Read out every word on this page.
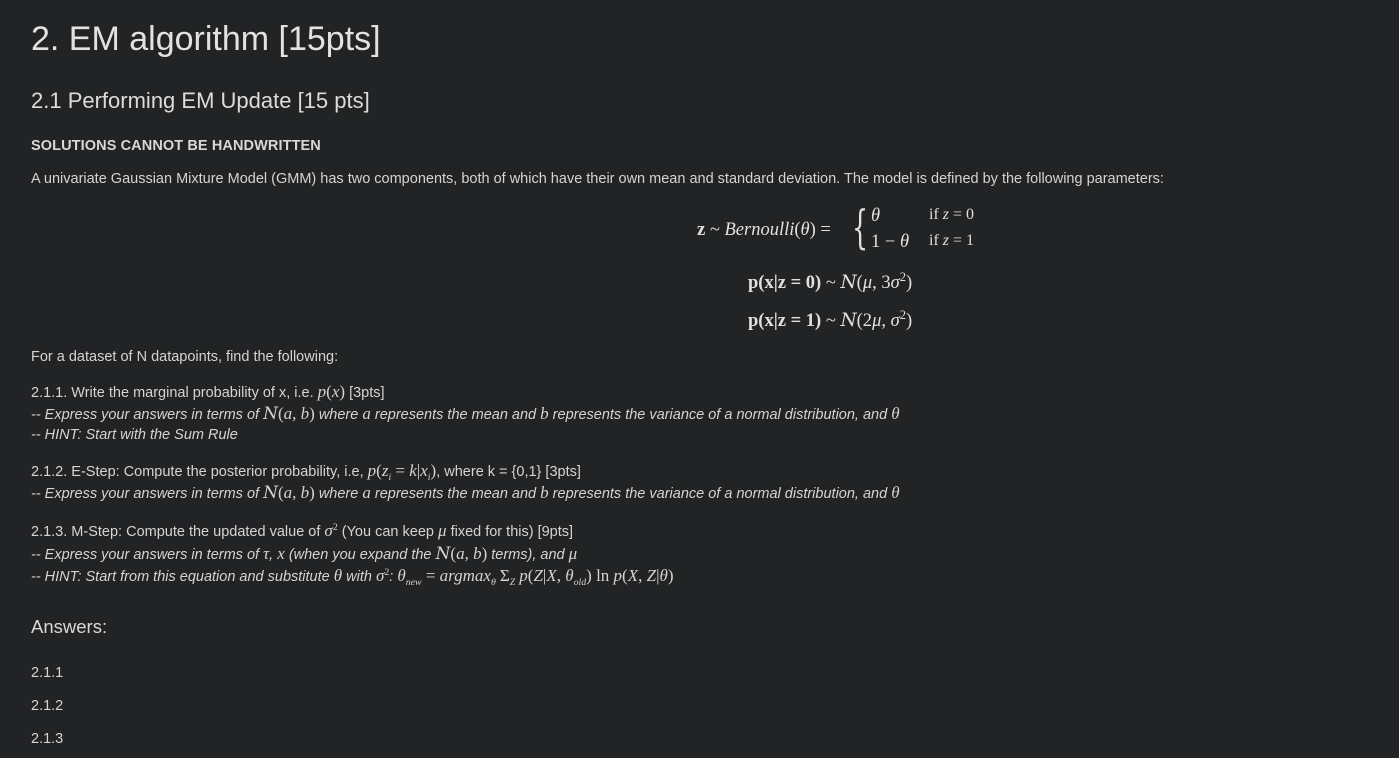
2. EM algorithm [15pts]
2.1 Performing EM Update [15 pts]
SOLUTIONS CANNOT BE HANDWRITTEN
A univariate Gaussian Mixture Model (GMM) has two components, both of which have their own mean and standard deviation. The model is defined by the following parameters:
z ~ Bernoulli(θ) = { θ	if z = 0
1 − θ if z = 1
p(x|z = 0) ~ N(μ, $3\sigma^2$)
p(x|z = 1) ~ N(2μ, $\sigma^2$)
For a dataset of N datapoints, find the following:
2.1.1. Write the marginal probability of x, i.e. p(x) [3pts]
-- Express your answers in terms of N(a, b) where a represents the mean and b represents the variance of a normal distribution, and θ
-- HINT: Start with the Sum Rule
2.1.2. E-Step: Compute the posterior probability, i.e, $p(z_i = k|x_i)$, where k = {0,1} [3pts]
-- Express your answers in terms of N(a, b) where a represents the mean and b represents the variance of a normal distribution, and θ
2.1.3. M-Step: Compute the updated value of $\sigma^2$ (You can keep μ fixed for this) [9pts]
-- Express your answers in terms of τ, x (when you expand the N(a, b) terms), and μ
-- HINT: Start from this equation and substitute θ with $\sigma^2$: $\theta_{new} = argmax_\theta$ $\Sigma_Z$ p(Z|X, $\theta_{old}$) ln p(X, Z|θ)
Answers:
2.1.1
2.1.2
2.1.3
